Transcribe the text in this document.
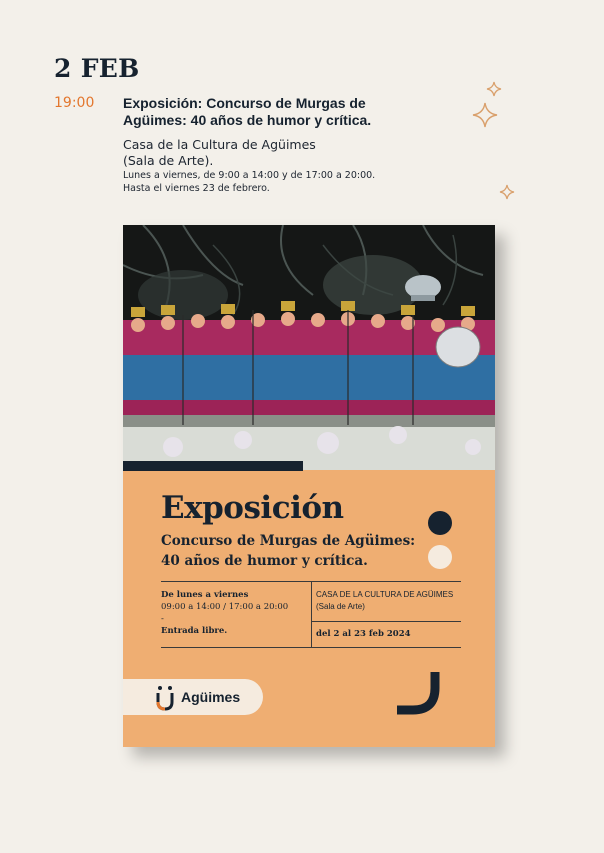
2 FEB
19:00 Exposición: Concurso de Murgas de
Agüimes: 40 años de humor y crítica.
Casa de la Cultura de Agüimes
(Sala de Arte).
Lunes a viernes, de 9:00 a 14:00 y de 17:00 a 20:00.
Hasta el viernes 23 de febrero.
Exposición
Concurso de Murgas de Agüimes:
40 años de humor y crítica.
De lunes a viernes
09:00 a 14:00 / 17:00 a 20:00
-
Entrada libre.
CASA DE LA CULTURA DE AGÜIMES
(Sala de Arte)
del 2 al 23 feb 2024
Agüimes
